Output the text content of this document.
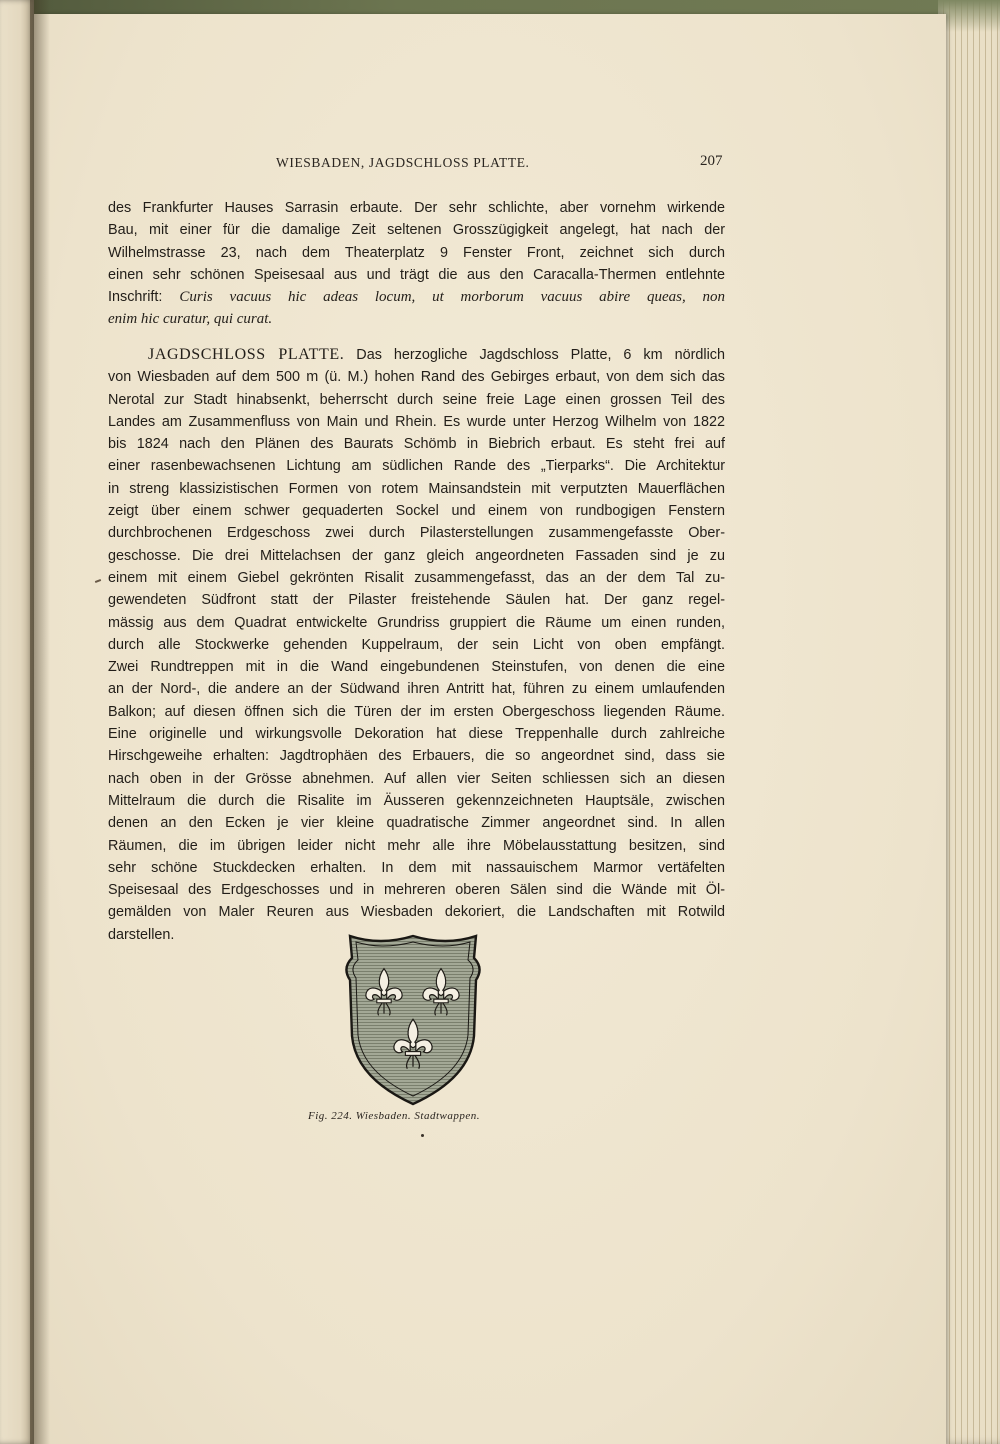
WIESBADEN, JAGDSCHLOSS PLATTE.	207
des Frankfurter Hauses Sarrasin erbaute. Der sehr schlichte, aber vornehm wirkende
Bau, mit einer für die damalige Zeit seltenen Grosszügigkeit angelegt, hat nach der
Wilhelmstrasse 23, nach dem Theaterplatz 9 Fenster Front, zeichnet sich durch
einen sehr schönen Speisesaal aus und trägt die aus den Caracalla-Thermen entlehnte
Inschrift: Curis vacuus hic adeas locum, ut morborum vacuus abire queas, non
enim hic curatur, qui curat.
JAGDSCHLOSS PLATTE. Das herzogliche Jagdschloss Platte, 6 km nördlich
von Wiesbaden auf dem 500 m (ü. M.) hohen Rand des Gebirges erbaut, von dem sich das
Nerotal zur Stadt hinabsenkt, beherrscht durch seine freie Lage einen grossen Teil des
Landes am Zusammenfluss von Main und Rhein. Es wurde unter Herzog Wilhelm von 1822
bis 1824 nach den Plänen des Baurats Schömb in Biebrich erbaut. Es steht frei auf
einer rasenbewachsenen Lichtung am südlichen Rande des „Tierparks“. Die Architektur
in streng klassizistischen Formen von rotem Mainsandstein mit verputzten Mauerflächen
zeigt über einem schwer gequaderten Sockel und einem von rundbogigen Fenstern
durchbrochenen Erdgeschoss zwei durch Pilasterstellungen zusammengefasste Ober-
geschosse. Die drei Mittelachsen der ganz gleich angeordneten Fassaden sind je zu
einem mit einem Giebel gekrönten Risalit zusammengefasst, das an der dem Tal zu-
gewendeten Südfront statt der Pilaster freistehende Säulen hat. Der ganz regel-
mässig aus dem Quadrat entwickelte Grundriss gruppiert die Räume um einen runden,
durch alle Stockwerke gehenden Kuppelraum, der sein Licht von oben empfängt.
Zwei Rundtreppen mit in die Wand eingebundenen Steinstufen, von denen die eine
an der Nord-, die andere an der Südwand ihren Antritt hat, führen zu einem umlaufenden
Balkon; auf diesen öffnen sich die Türen der im ersten Obergeschoss liegenden Räume.
Eine originelle und wirkungsvolle Dekoration hat diese Treppenhalle durch zahlreiche
Hirschgeweihe erhalten: Jagdtrophäen des Erbauers, die so angeordnet sind, dass sie
nach oben in der Grösse abnehmen. Auf allen vier Seiten schliessen sich an diesen
Mittelraum die durch die Risalite im Äusseren gekennzeichneten Hauptsäle, zwischen
denen an den Ecken je vier kleine quadratische Zimmer angeordnet sind. In allen
Räumen, die im übrigen leider nicht mehr alle ihre Möbelausstattung besitzen, sind
sehr schöne Stuckdecken erhalten. In dem mit nassauischem Marmor vertäfelten
Speisesaal des Erdgeschosses und in mehreren oberen Sälen sind die Wände mit Öl-
gemälden von Maler Reuren aus Wiesbaden dekoriert, die Landschaften mit Rotwild
darstellen.
Fig. 224. Wiesbaden. Stadtwappen.
